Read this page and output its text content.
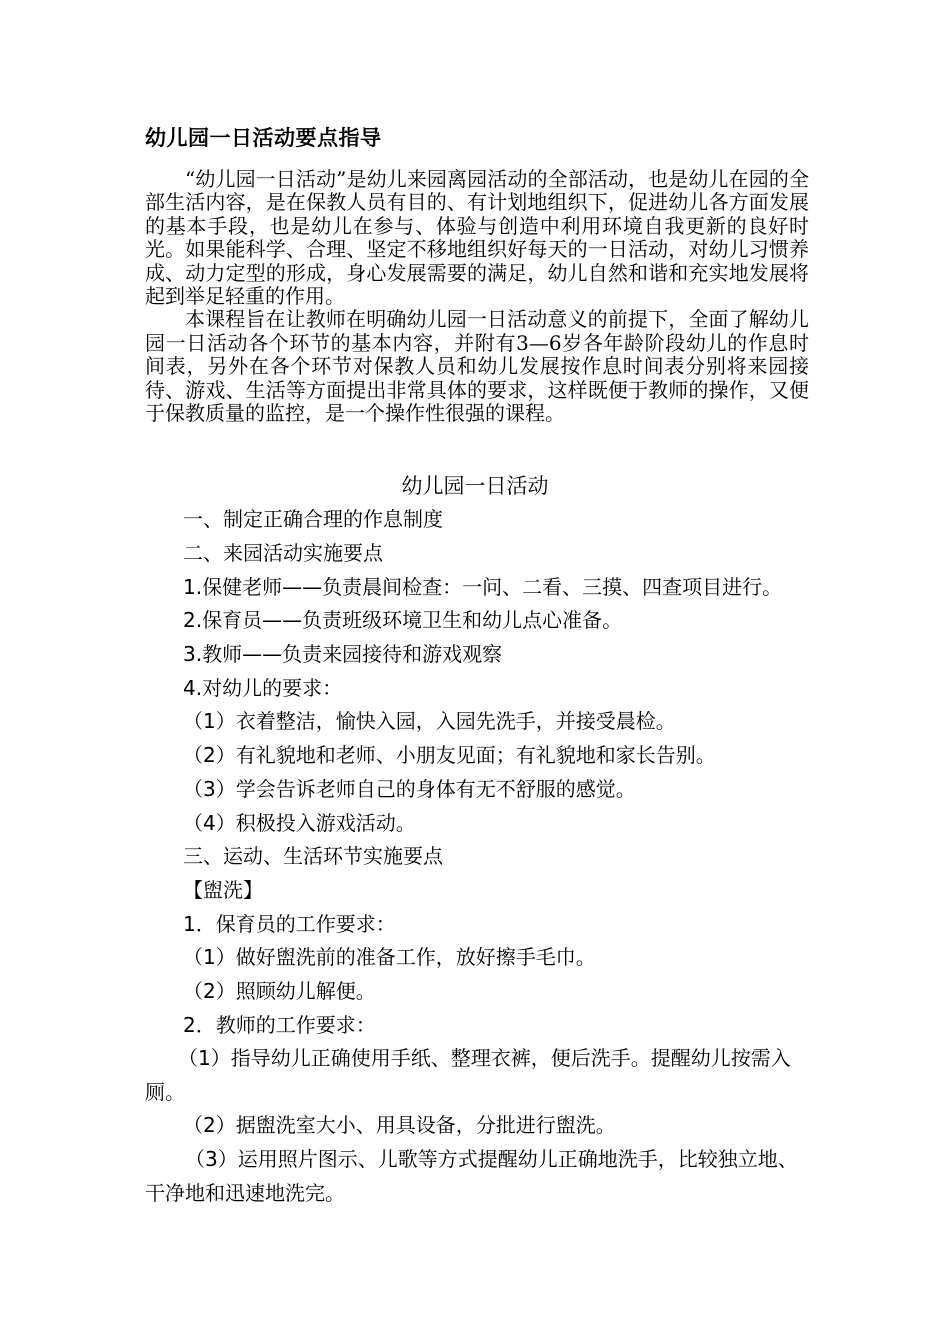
幼儿园一日活动要点指导

“幼儿园一日活动”是幼儿来园离园活动的全部活动，也是幼儿在园的全部生活内容，是在保教人员有目的、有计划地组织下，促进幼儿各方面发展的基本手段，也是幼儿在参与、体验与创造中利用环境自我更新的良好时光。如果能科学、合理、坚定不移地组织好每天的一日活动，对幼儿习惯养成、动力定型的形成，身心发展需要的满足，幼儿自然和谐和充实地发展将起到举足轻重的作用。

本课程旨在让教师在明确幼儿园一日活动意义的前提下，全面了解幼儿园一日活动各个环节的基本内容，并附有3—6岁各年龄阶段幼儿的作息时间表，另外在各个环节对保教人员和幼儿发展按作息时间表分别将来园接待、游戏、生活等方面提出非常具体的要求，这样既便于教师的操作，又便于保教质量的监控，是一个操作性很强的课程。

幼儿园一日活动
一、制定正确合理的作息制度
二、来园活动实施要点
1.保健老师——负责晨间检查：一问、二看、三摸、四查项目进行。
2.保育员——负责班级环境卫生和幼儿点心准备。
3.教师——负责来园接待和游戏观察
4.对幼儿的要求：
（1）衣着整洁，愉快入园，入园先洗手，并接受晨检。
（2）有礼貌地和老师、小朋友见面；有礼貌地和家长告别。
（3）学会告诉老师自己的身体有无不舒服的感觉。
（4）积极投入游戏活动。
三、运动、生活环节实施要点
【盥洗】
1．保育员的工作要求：
（1）做好盥洗前的准备工作，放好擦手毛巾。
（2）照顾幼儿解便。
2．教师的工作要求：

（1）指导幼儿正确使用手纸、整理衣裤，便后洗手。提醒幼儿按需入厕。

（2）据盥洗室大小、用具设备，分批进行盥洗。

（3）运用照片图示、儿歌等方式提醒幼儿正确地洗手，比较独立地、干净地和迅速地洗完。
